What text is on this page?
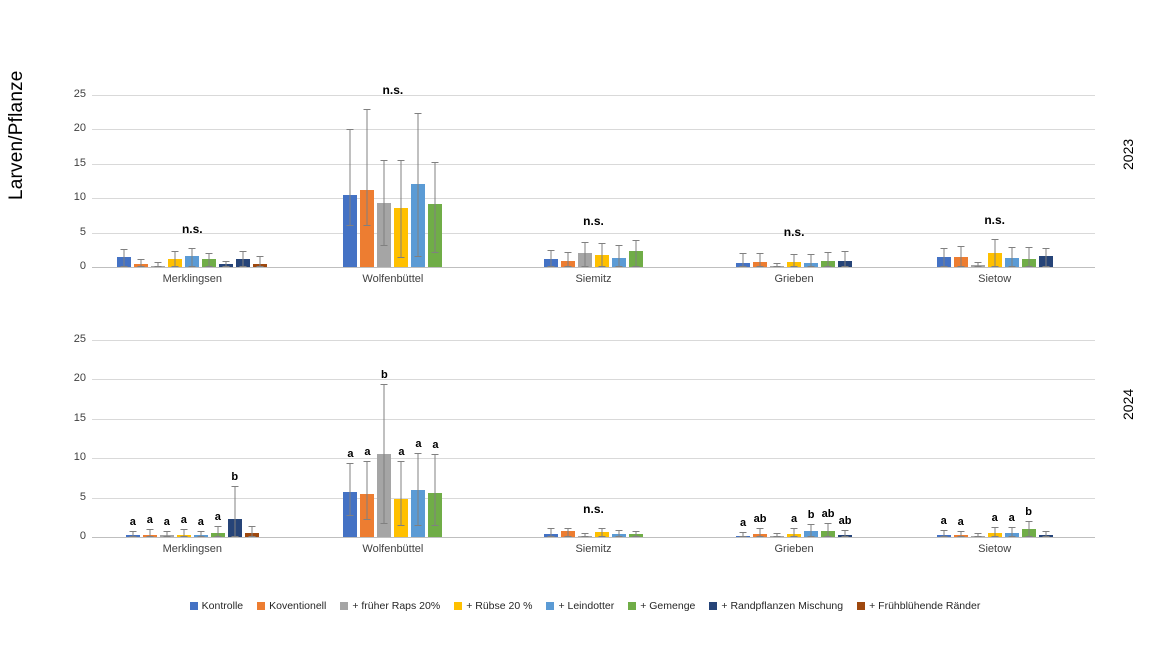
Larven/Pflanze	2023
2024
0
5
10
15
20
25
n.s.
Merklingsen
n.s.
Wolfenbüttel
n.s.
Siemitz
n.s.
Grieben
n.s.
Sietow
0
5
10
15
20
25
a a a a a a
b
Merklingsen
a a
b
a
a a
Wolfenbüttel
n.s.
Siemitz
a ab a b ab
ab
Grieben
a a	a a b
Sietow
Kontrolle Koventionell + früher Raps 20% + Rübse 20 % + Leindotter + Gemenge + Randpflanzen Mischung + Frühblühende Ränder
